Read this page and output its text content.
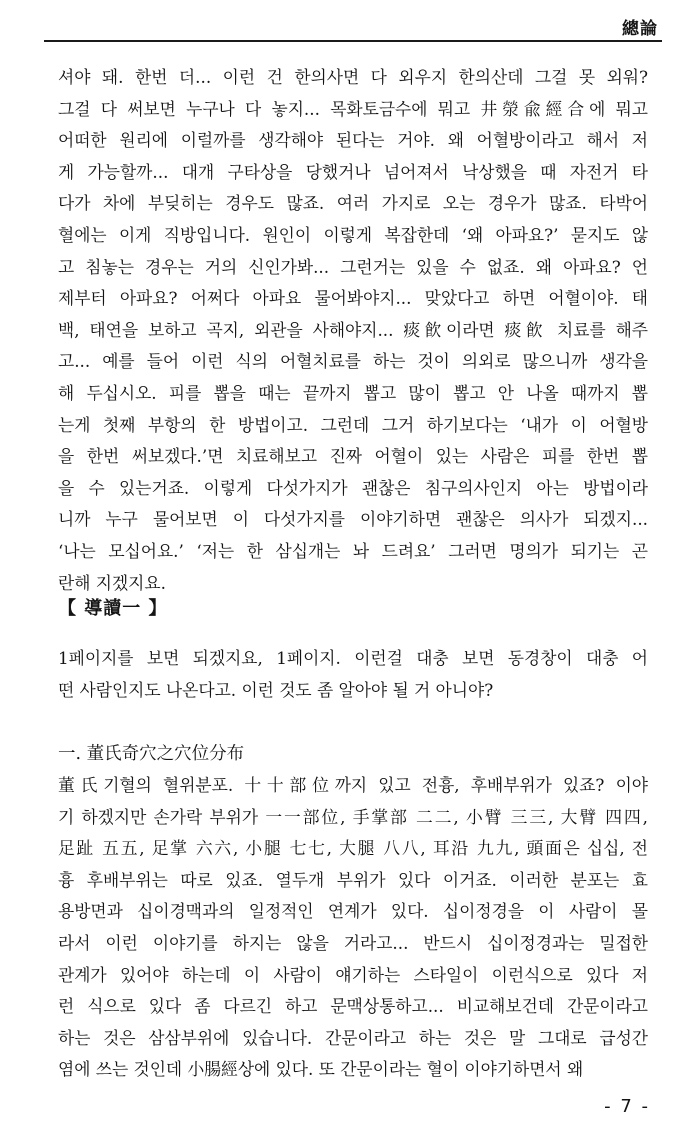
總論
셔야 돼. 한번 더... 이런 건 한의사면 다 외우지 한의산데 그걸 못 외워?
그걸 다 써보면 누구나 다 놓지... 목화토금수에 뭐고 井滎兪經合에 뭐고
어떠한 원리에 이럴까를 생각해야 된다는 거야. 왜 어혈방이라고 해서 저
게 가능할까... 대개 구타상을 당했거나 넘어져서 낙상했을 때 자전거 타
다가 차에 부딪히는 경우도 많죠. 여러 가지로 오는 경우가 많죠. 타박어
혈에는 이게 직방입니다. 원인이 이렇게 복잡한데 ‘왜 아파요?’ 묻지도 않
고 침놓는 경우는 거의 신인가봐... 그런거는 있을 수 없죠. 왜 아파요? 언
제부터 아파요? 어쩌다 아파요 물어봐야지... 맞았다고 하면 어혈이야. 태
백, 태연을 보하고 곡지, 외관을 사해야지... 痰飮이라면 痰飮 치료를 해주
고... 예를 들어 이런 식의 어혈치료를 하는 것이 의외로 많으니까 생각을
해 두십시오. 피를 뽑을 때는 끝까지 뽑고 많이 뽑고 안 나올 때까지 뽑
는게 첫째 부항의 한 방법이고. 그런데 그거 하기보다는 ‘내가 이 어혈방
을 한번 써보겠다.’면 치료해보고 진짜 어혈이 있는 사람은 피를 한번 뽑
을 수 있는거죠. 이렇게 다섯가지가 괜찮은 침구의사인지 아는 방법이라
니까 누구 물어보면 이 다섯가지를 이야기하면 괜찮은 의사가 되겠지...
‘나는 모십어요.’ ‘저는 한 삼십개는 놔 드려요’ 그러면 명의가 되기는 곤
란해 지겠지요.
【 導讀一 】
1페이지를 보면 되겠지요, 1페이지. 이런걸 대충 보면 동경창이 대충 어
떤 사람인지도 나온다고. 이런 것도 좀 알아야 될 거 아니야?
一. 董氏奇穴之穴位分布
董氏기혈의 혈위분포. 十十部位까지 있고 전흉, 후배부위가 있죠? 이야
기 하겠지만 손가락 부위가 一一部位, 手掌部 二二, 小臂 三三, 大臂 四四,
足趾 五五, 足掌 六六, 小腿 七七, 大腿 八八, 耳沿 九九, 頭面은 십십, 전
흉 후배부위는 따로 있죠. 열두개 부위가 있다 이거죠. 이러한 분포는 효
용방면과 십이경맥과의 일정적인 연계가 있다. 십이정경을 이 사람이 몰
라서 이런 이야기를 하지는 않을 거라고... 반드시 십이정경과는 밀접한
관계가 있어야 하는데 이 사람이 얘기하는 스타일이 이런식으로 있다 저
런 식으로 있다 좀 다르긴 하고 문맥상통하고... 비교해보건데 간문이라고
하는 것은 삼삼부위에 있습니다. 간문이라고 하는 것은 말 그대로 급성간
염에 쓰는 것인데 小腸經상에 있다. 또 간문이라는 혈이 이야기하면서 왜
- 7 -
